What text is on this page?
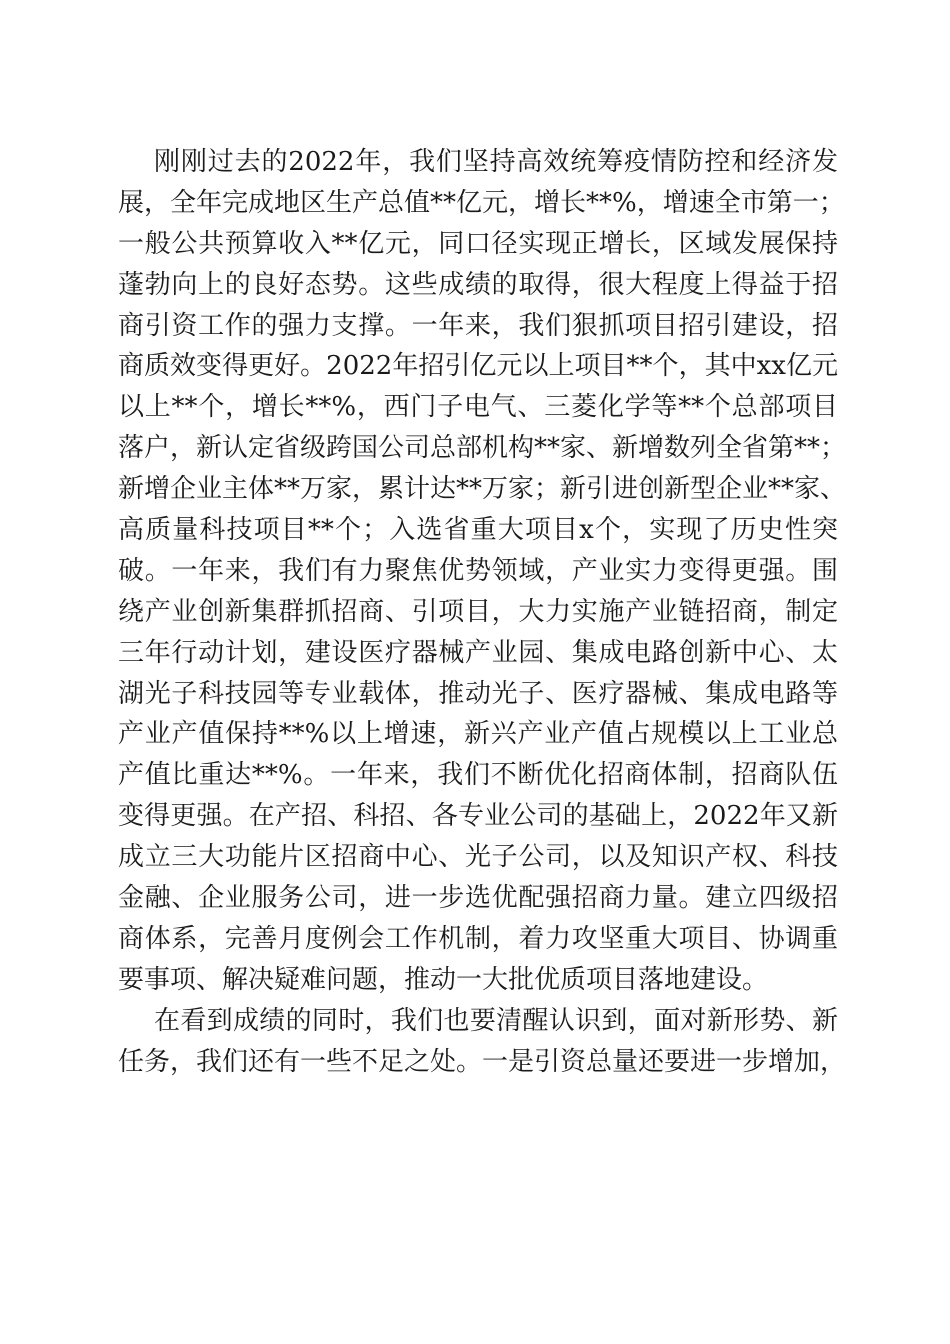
刚刚过去的2022年，我们坚持高效统筹疫情防控和经济发
展，全年完成地区生产总值**亿元，增长**%，增速全市第一；
一般公共预算收入**亿元，同口径实现正增长，区域发展保持
蓬勃向上的良好态势。这些成绩的取得，很大程度上得益于招
商引资工作的强力支撑。一年来，我们狠抓项目招引建设，招
商质效变得更好。2022年招引亿元以上项目**个，其中xx亿元
以上**个，增长**%，西门子电气、三菱化学等**个总部项目
落户，新认定省级跨国公司总部机构**家、新增数列全省第**；
新增企业主体**万家，累计达**万家；新引进创新型企业**家、
高质量科技项目**个；入选省重大项目x个，实现了历史性突
破。一年来，我们有力聚焦优势领域，产业实力变得更强。围
绕产业创新集群抓招商、引项目，大力实施产业链招商，制定
三年行动计划，建设医疗器械产业园、集成电路创新中心、太
湖光子科技园等专业载体，推动光子、医疗器械、集成电路等
产业产值保持**%以上增速，新兴产业产值占规模以上工业总
产值比重达**%。一年来，我们不断优化招商体制，招商队伍
变得更强。在产招、科招、各专业公司的基础上，2022年又新
成立三大功能片区招商中心、光子公司，以及知识产权、科技
金融、企业服务公司，进一步选优配强招商力量。建立四级招
商体系，完善月度例会工作机制，着力攻坚重大项目、协调重
要事项、解决疑难问题，推动一大批优质项目落地建设。
在看到成绩的同时，我们也要清醒认识到，面对新形势、新
任务，我们还有一些不足之处。一是引资总量还要进一步增加，
